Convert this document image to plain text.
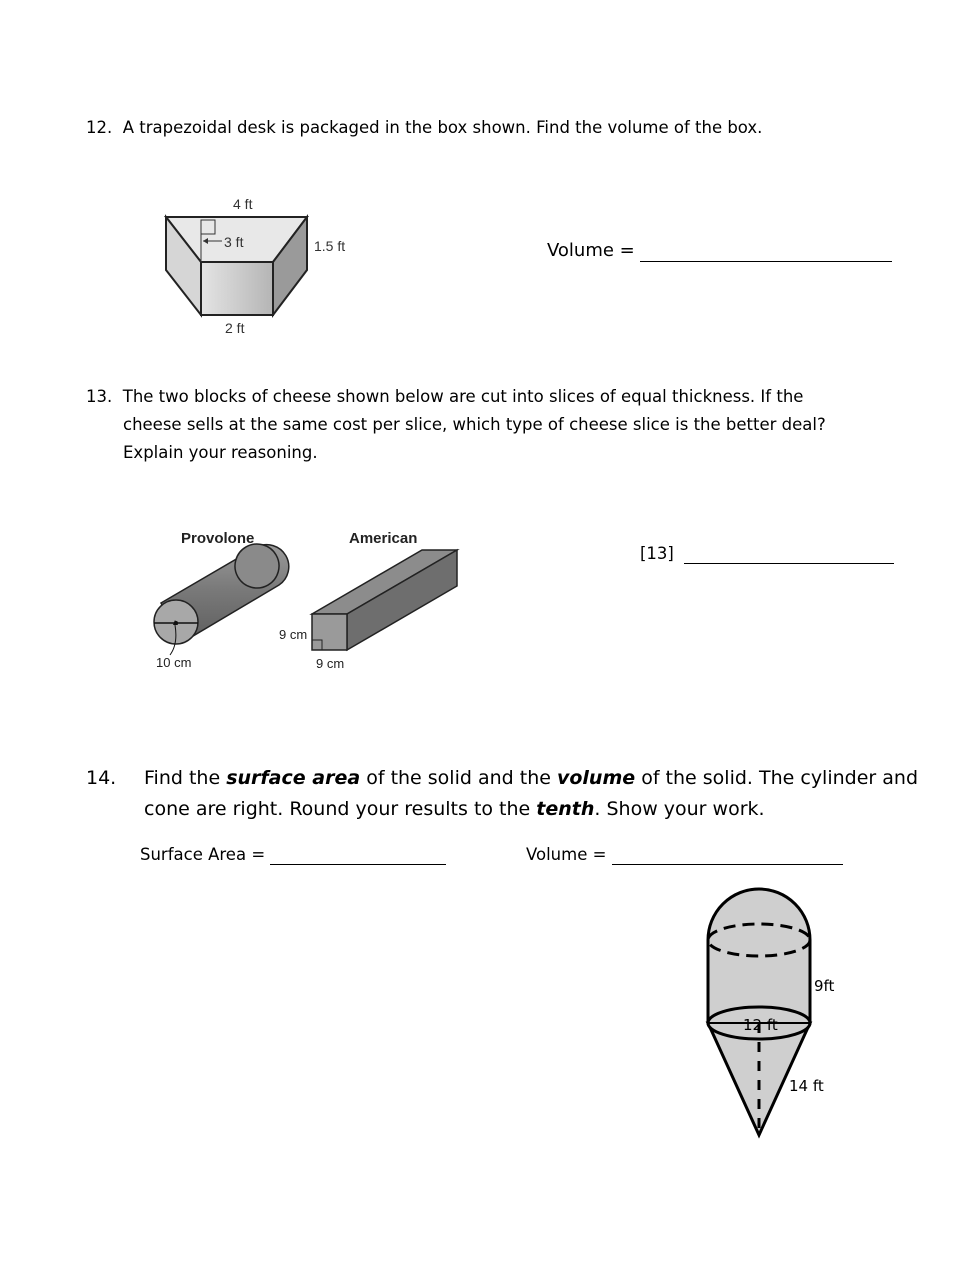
12. A trapezoidal desk is packaged in the box shown. Find the volume of the box.
4 ft
3 ft	1.5 ft
2 ft
Volume =
13. The two blocks of cheese shown below are cut into slices of equal thickness. If the
cheese sells at the same cost per slice, which type of cheese slice is the better deal?
Explain your reasoning.
Provolone	American
10 cm
9 cm
9 cm
[13]
14. Find the surface area of the solid and the volume of the solid. The cylinder and
cone are right. Round your results to the tenth. Show your work.
Surface Area =	Volume =
9ft
12 ft
14 ft
